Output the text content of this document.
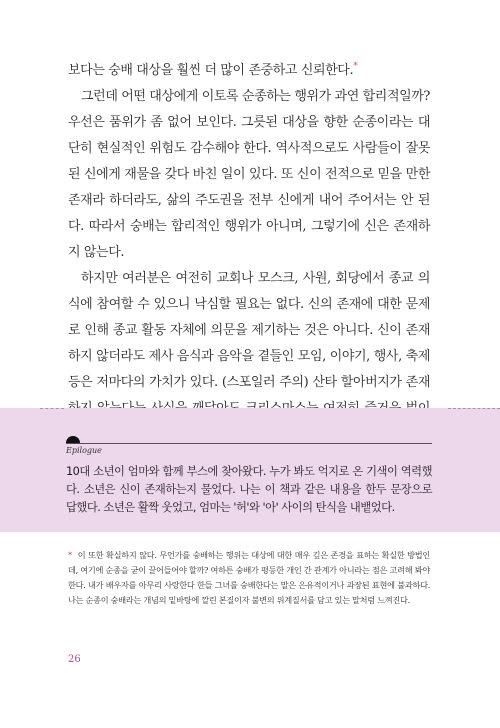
보다는 숭배 대상을 훨씬 더 많이 존중하고 신뢰한다.*

그런데 어떤 대상에게 이토록 순종하는 행위가 과연 합리적일까? 우선은 품위가 좀 없어 보인다. 그릇된 대상을 향한 순종이라는 대단히 현실적인 위험도 감수해야 한다. 역사적으로도 사람들이 잘못된 신에게 재물을 갖다 바친 일이 있다. 또 신이 전적으로 믿을 만한 존재라 하더라도, 삶의 주도권을 전부 신에게 내어 주어서는 안 된다. 따라서 숭배는 합리적인 행위가 아니며, 그렇기에 신은 존재하지 않는다.

하지만 여러분은 여전히 교회나 모스크, 사원, 회당에서 종교 의식에 참여할 수 있으니 낙심할 필요는 없다. 신의 존재에 대한 문제로 인해 종교 활동 자체에 의문을 제기하는 것은 아니다. 신이 존재하지 않더라도 제사 음식과 음악을 곁들인 모임, 이야기, 행사, 축제 등은 저마다의 가치가 있다. (스포일러 주의) 산타 할아버지가 존재

Epilogue

10대 소년이 엄마와 함께 부스에 찾아왔다. 누가 봐도 억지로 온 기색이 역력했다. 소년은 신이 존재하는지 물었다. 나는 이 책과 같은 내용을 한두 문장으로 답했다. 소년은 활짝 웃었고, 엄마는 '허'와 '아' 사이의 탄식을 내뱉었다.

* 이 또한 확실하지 않다. 무언가를 숭배하는 행위는 대상에 대한 매우 깊은 존경을 표하는 확실한 방법인데, 여기에 순종을 굳이 끌어들어야 할까? 여하튼 숭배가 평등한 개인 간 관계가 아니라는 점은 고려해 봐야 한다. 내가 배우자를 아무리 사랑한다 한들 그녀를 숭배한다는 말은 은유적이거나 과장된 표현에 불과하다. 나는 순종이 숭배라는 개념의 밑바탕에 깔린 본질이자 불변의 위계질서를 담고 있는 말처럼 느껴진다.

26
